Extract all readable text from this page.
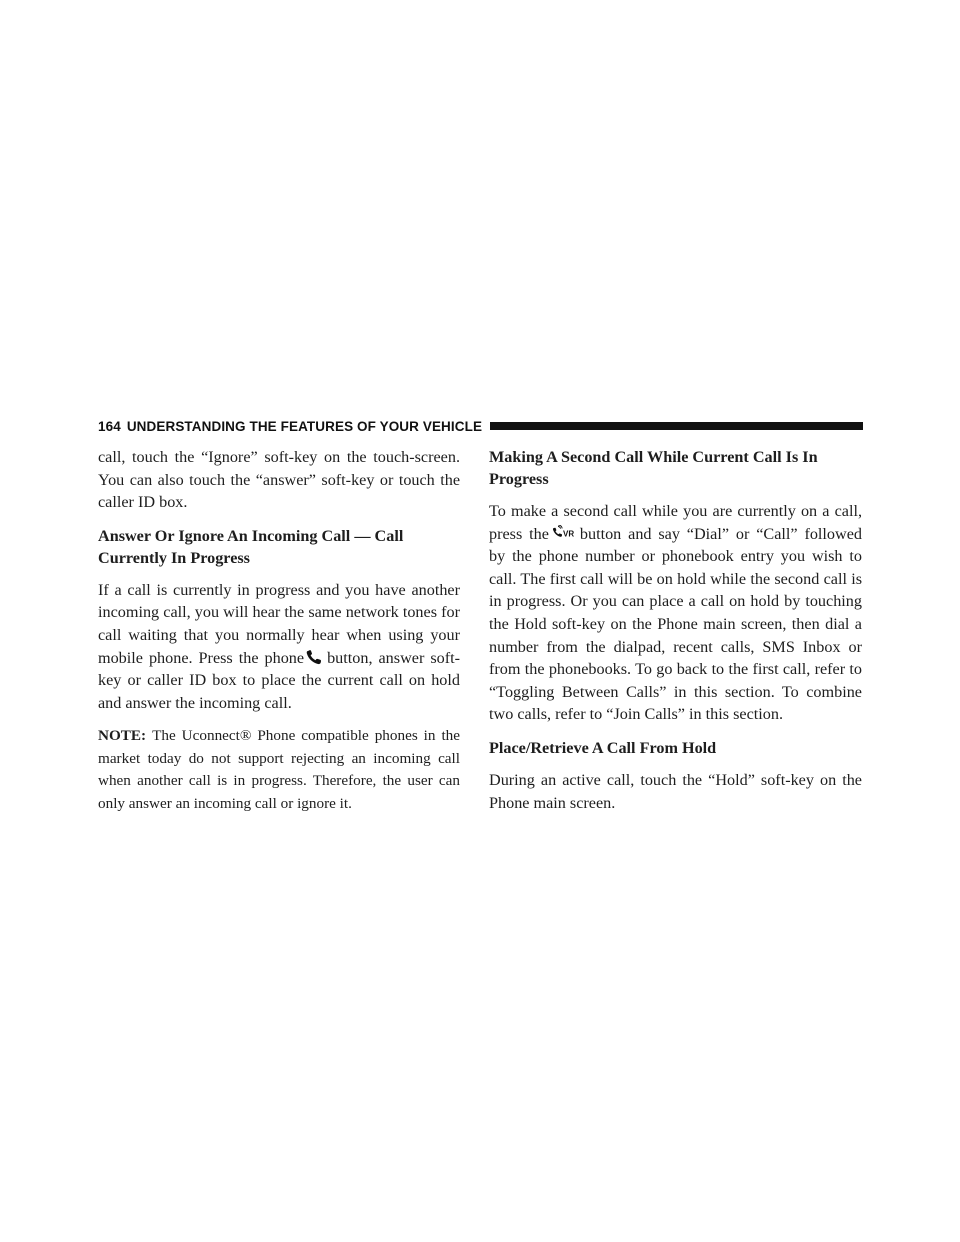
164 UNDERSTANDING THE FEATURES OF YOUR VEHICLE

call, touch the “Ignore” soft-key on the touch-screen. You can also touch the “answer” soft-key or touch the caller ID box.

Answer Or Ignore An Incoming Call — Call Currently In Progress

If a call is currently in progress and you have another incoming call, you will hear the same network tones for call waiting that you normally hear when using your mobile phone. Press the phone button, answer soft-key or caller ID box to place the current call on hold and answer the incoming call.

NOTE: The Uconnect® Phone compatible phones in the market today do not support rejecting an incoming call when another call is in progress. Therefore, the user can only answer an incoming call or ignore it.
Making A Second Call While Current Call Is In Progress

To make a second call while you are currently on a call, press the VR button and say “Dial” or “Call” followed by the phone number or phonebook entry you wish to call. The first call will be on hold while the second call is in progress. Or you can place a call on hold by touching the Hold soft-key on the Phone main screen, then dial a number from the dialpad, recent calls, SMS Inbox or from the phonebooks. To go back to the first call, refer to “Toggling Between Calls” in this section. To combine two calls, refer to “Join Calls” in this section.

Place/Retrieve A Call From Hold

During an active call, touch the “Hold” soft-key on the Phone main screen.
